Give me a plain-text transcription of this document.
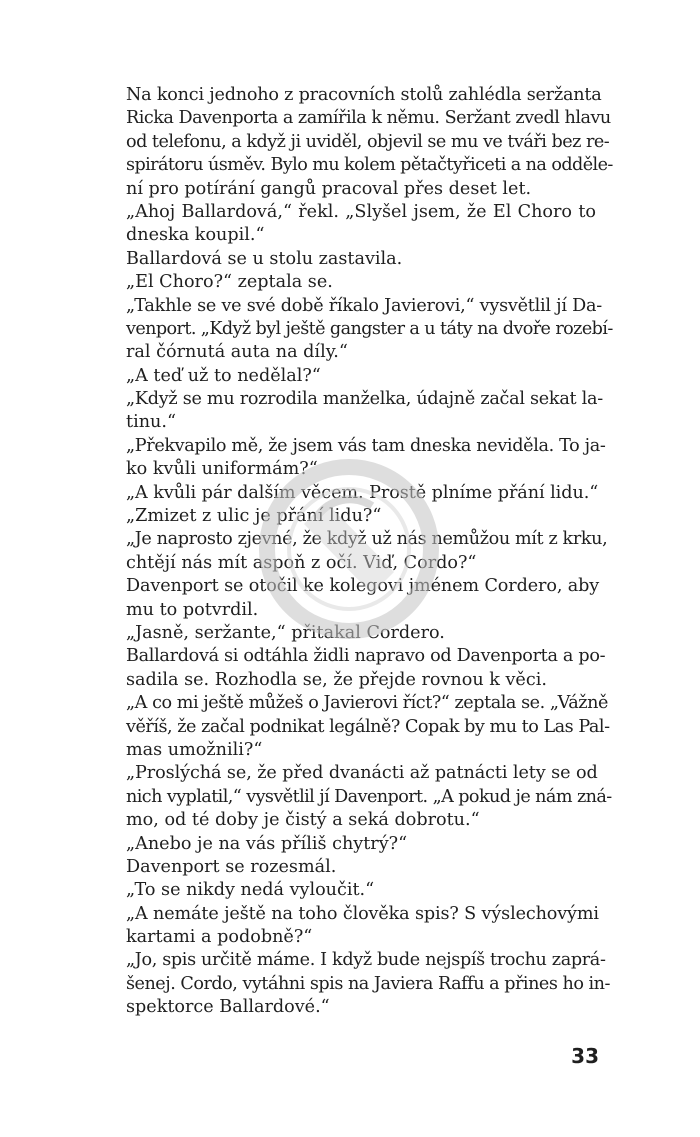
Na konci jednoho z pracovních stolů zahlédla seržanta
Ricka Davenporta a zamířila k němu. Seržant zvedl hlavu
od telefonu, a když ji uviděl, objevil se mu ve tváři bez re-
spirátoru úsměv. Bylo mu kolem pětačtyřiceti a na odděle-
ní pro potírání gangů pracoval přes deset let.
„Ahoj Ballardová,“ řekl. „Slyšel jsem, že El Choro to
dneska koupil.“
Ballardová se u stolu zastavila.
„El Choro?“ zeptala se.
„Takhle se ve své době říkalo Javierovi,“ vysvětlil jí Da-
venport. „Když byl ještě gangster a u táty na dvoře rozebí-
ral čórnutá auta na díly.“
„A teď už to nedělal?“
„Když se mu rozrodila manželka, údajně začal sekat la-
tinu.“
„Překvapilo mě, že jsem vás tam dneska neviděla. To ja-
ko kvůli uniformám?“
„A kvůli pár dalším věcem. Prostě plníme přání lidu.“
„Zmizet z ulic je přání lidu?“
„Je naprosto zjevné, že když už nás nemůžou mít z krku,
chtějí nás mít aspoň z očí. Viď, Cordo?“
Davenport se otočil ke kolegovi jménem Cordero, aby
mu to potvrdil.
„Jasně, seržante,“ přitakal Cordero.
Ballardová si odtáhla židli napravo od Davenporta a po-
sadila se. Rozhodla se, že přejde rovnou k věci.
„A co mi ještě můžeš o Javierovi říct?“ zeptala se. „Vážně
věříš, že začal podnikat legálně? Copak by mu to Las Pal-
mas umožnili?“
„Proslýchá se, že před dvanácti až patnácti lety se od
nich vyplatil,“ vysvětlil jí Davenport. „A pokud je nám zná-
mo, od té doby je čistý a seká dobrotu.“
„Anebo je na vás příliš chytrý?“
Davenport se rozesmál.
„To se nikdy nedá vyloučit.“
„A nemáte ještě na toho člověka spis? S výslechovými
kartami a podobně?“
„Jo, spis určitě máme. I když bude nejspíš trochu zaprá-
šenej. Cordo, vytáhni spis na Javiera Raffu a přines ho in-
spektorce Ballardové.“
33
